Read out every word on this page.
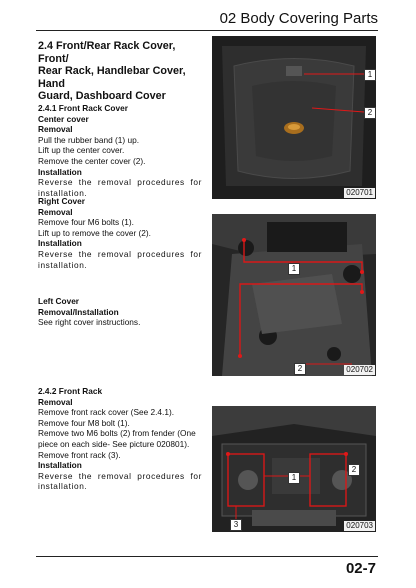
02 Body Covering Parts

2.4 Front/Rear Rack Cover, Front/

Rear Rack, Handlebar Cover, Hand

Guard, Dashboard Cover

2.4.1 Front Rack Cover

Center cover

Removal

Pull the rubber band (1) up.

Lift up the center cover.

Remove the center cover (2).

Installation

Reverse the removal procedures for installation.

Right Cover

Removal

Remove four M6 bolts (1).

Lift up to remove the cover (2).

Installation

Reverse the removal procedures for installation.

Left Cover

Removal/Installation

See right cover instructions.

2.4.2 Front Rack

Removal

Remove front rack cover (See 2.4.1).

Remove four M8 bolt (1).

Remove two M6 bolts (2) from fender (One piece on each side- See picture 020801).

Remove front rack (3).

Installation

Reverse the removal procedures for installation.

1
2
020701
1
2	020702
1
2
3	020703
02-7
